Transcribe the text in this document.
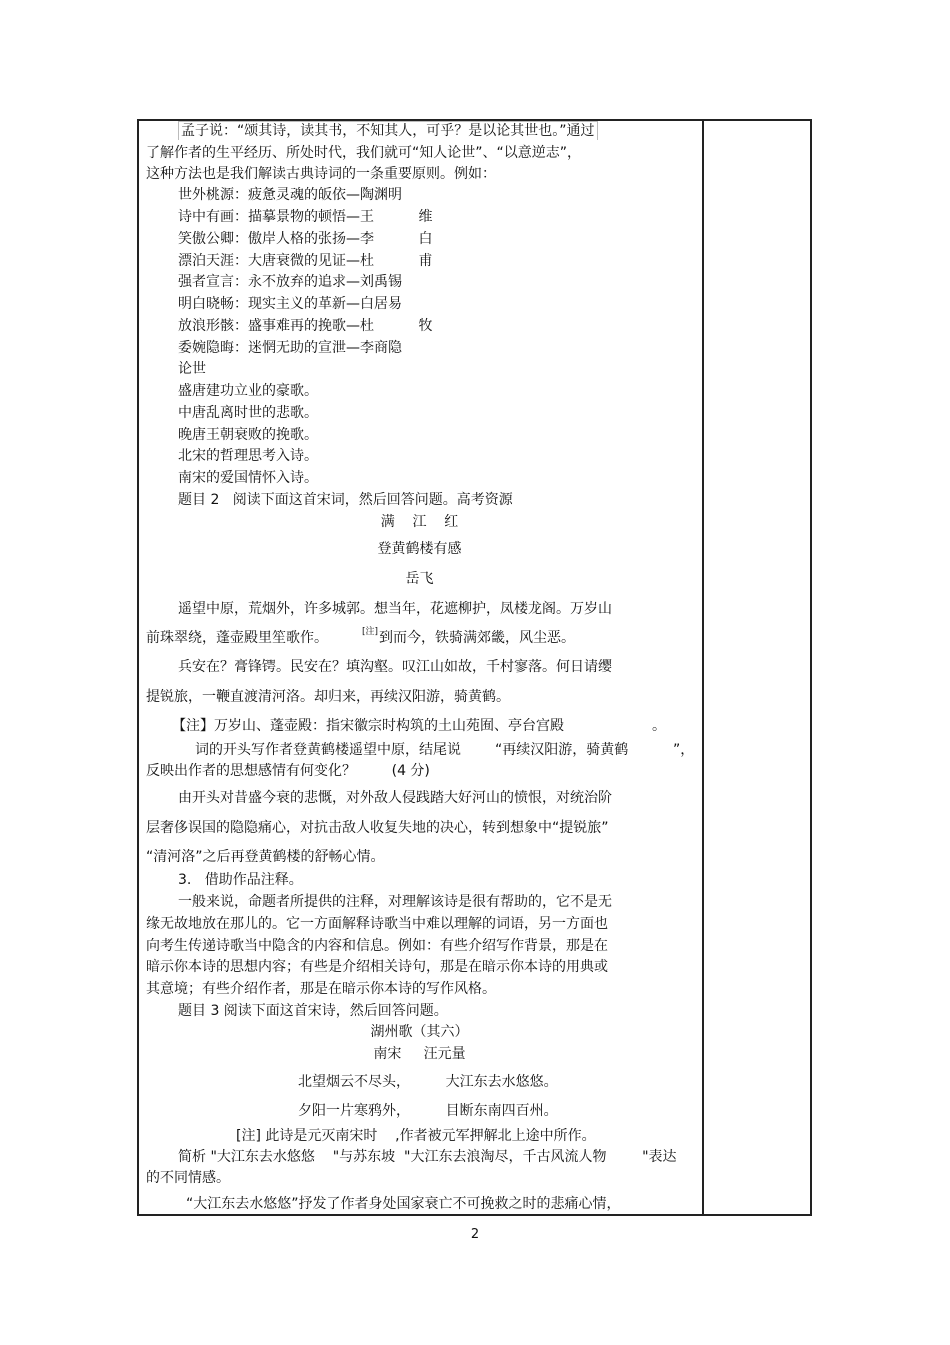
孟子说：“颂其诗，读其书，不知其人，可乎？是以论其世也。”通过
了解作者的生平经历、所处时代，我们就可“知人论世”、“以意逆志”，
这种方法也是我们解读古典诗词的一条重要原则。例如：
世外桃源：疲惫灵魂的皈依—陶渊明
诗中有画：描摹景物的顿悟—王          维
笑傲公卿：傲岸人格的张扬—李          白
漂泊天涯：大唐衰微的见证—杜          甫
强者宣言：永不放弃的追求—刘禹锡
明白晓畅：现实主义的革新—白居易
放浪形骸：盛事难再的挽歌—杜          牧
委婉隐晦：迷惘无助的宣泄—李商隐
论世
盛唐建功立业的豪歌。
中唐乱离时世的悲歌。
晚唐王朝衰败的挽歌。
北宋的哲理思考入诗。
南宋的爱国情怀入诗。
题目 2   阅读下面这首宋词，然后回答问题。高考资源
满    江    红
登黄鹤楼有感
岳飞
遥望中原，荒烟外，许多城郭。想当年，花遮柳护，凤楼龙阁。万岁山
前珠翠绕，蓬壶殿里笙歌作。	[注] 到而今，铁骑满郊畿，风尘恶。
兵安在？膏锋锷。民安在？填沟壑。叹江山如故，千村寥落。何日请缨
提锐旅，一鞭直渡清河洛。却归来，再续汉阳游，骑黄鹤。
【注】万岁山、蓬壶殿：指宋徽宗时构筑的土山苑囿、亭台宫殿	。
词的开头写作者登黄鹤楼遥望中原，结尾说 “再续汉阳游，骑黄鹤	”，
反映出作者的思想感情有何变化？        (4 分)
由开头对昔盛今衰的悲慨，对外敌人侵践踏大好河山的愤恨，对统治阶
层奢侈误国的隐隐痛心，对抗击敌人收复失地的决心，转到想象中“提锐旅”
“清河洛”之后再登黄鹤楼的舒畅心情。
3.   借助作品注释。
一般来说，命题者所提供的注释，对理解该诗是很有帮助的，它不是无
缘无故地放在那儿的。它一方面解释诗歌当中难以理解的词语，另一方面也
向考生传递诗歌当中隐含的内容和信息。例如：有些介绍写作背景，那是在
暗示你本诗的思想内容；有些是介绍相关诗句，那是在暗示你本诗的用典或
其意境；有些介绍作者，那是在暗示你本诗的写作风格。
题目 3 阅读下面这首宋诗，然后回答问题。
湖州歌（其六）
南宋     汪元量
北望烟云不尽头，        大江东去水悠悠。
夕阳一片寒鸦外，        目断东南四百州。
[注] 此诗是元灭南宋时    ,作者被元军押解北上途中所作。
简析 "大江东去水悠悠    "与苏东坡  "大江东去浪淘尽，千古风流人物        "表达
的不同情感。
“大江东去水悠悠”抒发了作者身处国家衰亡不可挽救之时的悲痛心情，
2
